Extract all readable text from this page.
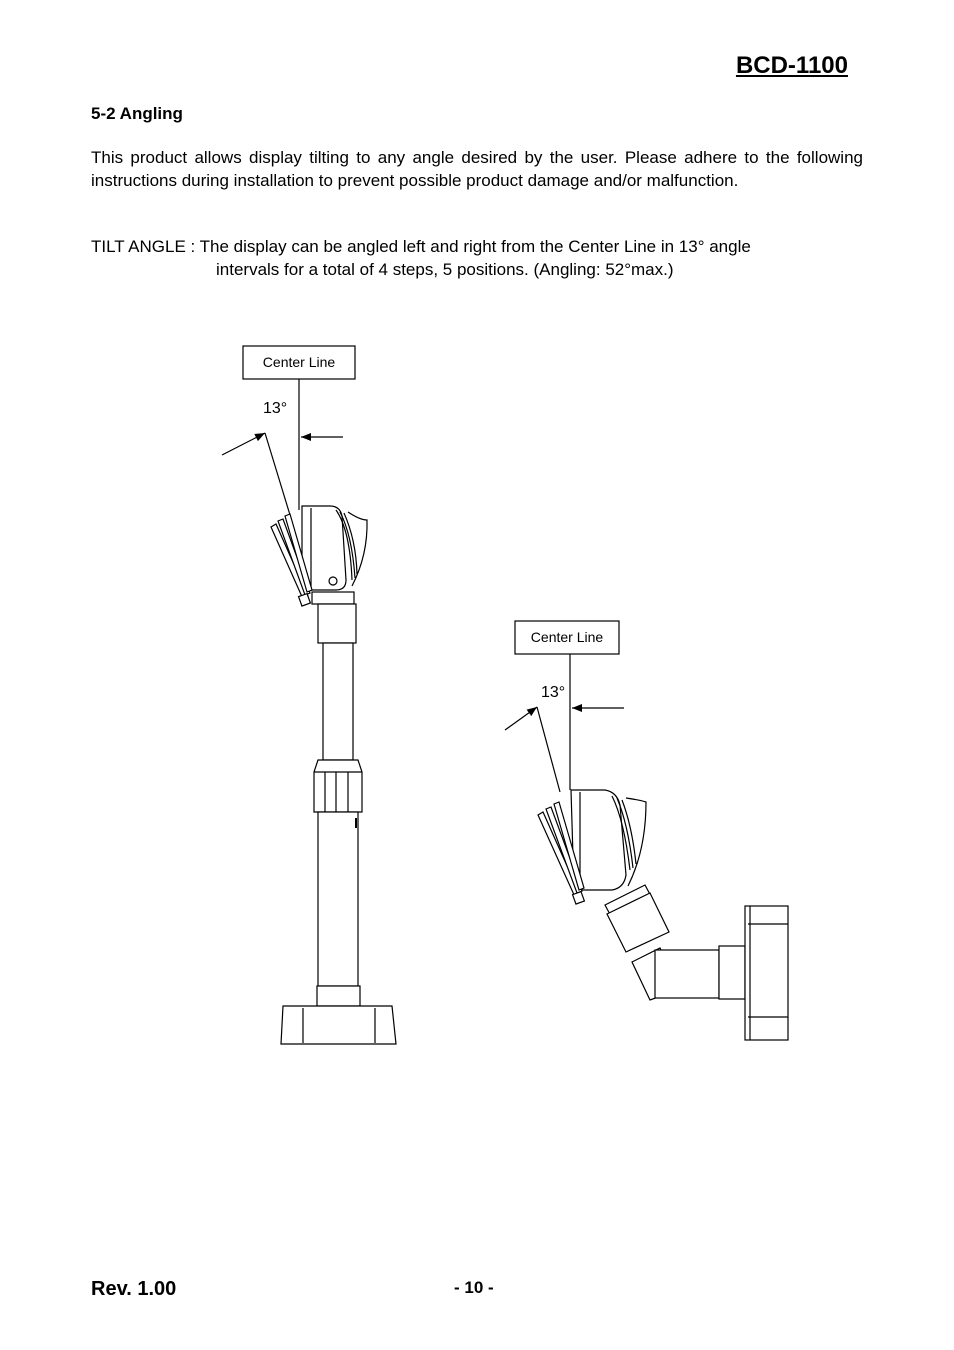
BCD-1100
5-2 Angling

This product allows display tilting to any angle desired by the user. Please adhere to the following instructions during installation to prevent possible product damage and/or malfunction.

TILT ANGLE : The display can be angled left and right from the Center Line in 13° angle
intervals for a total of 4 steps, 5 positions. (Angling: 52°max.)

Center Line
13°
Center Line
13°
Rev. 1.00	- 10 -
